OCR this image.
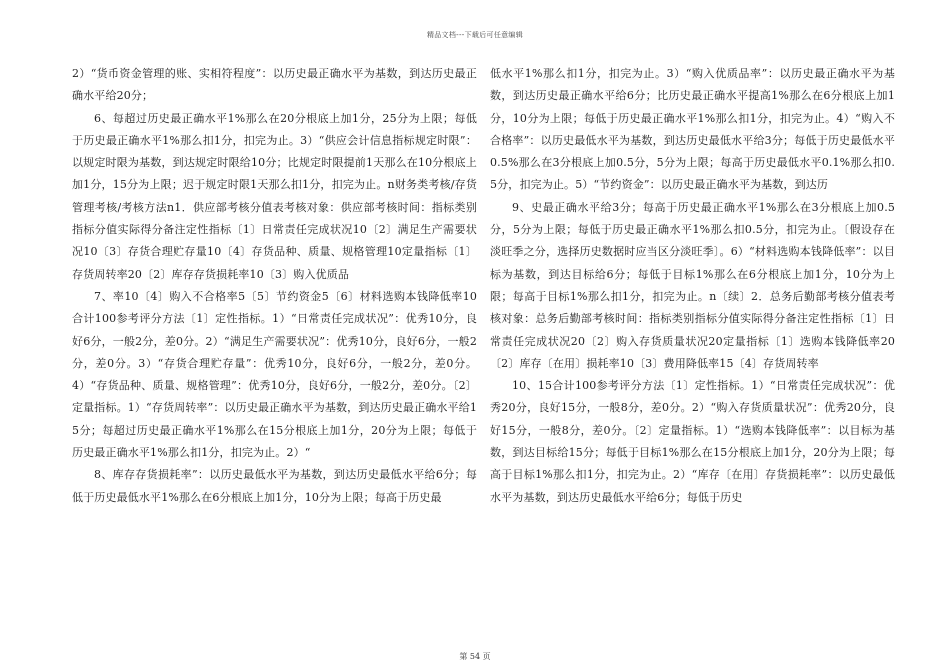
精品文档---下载后可任意编辑

2）“货币资金管理的账、实相符程度”：以历史最正确水平为基数，到达历史最正确水平给20分；

6、每超过历史最正确水平1%那么在20分根底上加1分，25分为上限；每低于历史最正确水平1%那么扣1分，扣完为止。3）“供应会计信息指标规定时限”：以规定时限为基数，到达规定时限给10分；比规定时限提前1天那么在10分根底上加1分，15分为上限；迟于规定时限1天那么扣1分，扣完为止。n财务类考核/存货管理考核/考核方法n1．供应部考核分值表考核对象：供应部考核时间：指标类别指标分值实际得分备注定性指标〔1〕日常责任完成状况10〔2〕满足生产需要状况10〔3〕存货合理贮存量10〔4〕存货品种、质量、规格管理10定量指标〔1〕存货周转率20〔2〕库存存货损耗率10〔3〕购入优质品

7、率10〔4〕购入不合格率5〔5〕节约资金5〔6〕材料选购本钱降低率10合计100参考评分方法〔1〕定性指标。1）“日常责任完成状况”：优秀10分，良好6分，一般2分，差0分。2）“满足生产需要状况”：优秀10分，良好6分，一般2分，差0分。3）“存货合理贮存量”：优秀10分，良好6分，一般2分，差0分。4）“存货品种、质量、规格管理”：优秀10分，良好6分，一般2分，差0分。〔2〕定量指标。1）“存货周转率”：以历史最正确水平为基数，到达历史最正确水平给15分；每超过历史最正确水平1%那么在15分根底上加1分，20分为上限；每低于历史最正确水平1%那么扣1分，扣完为止。2）“

8、库存存货损耗率”：以历史最低水平为基数，到达历史最低水平给6分；每低于历史最低水平1%那么在6分根底上加1分，10分为上限；每高于历史最

低水平1%那么扣1分，扣完为止。3）“购入优质品率”：以历史最正确水平为基数，到达历史最正确水平给6分；比历史最正确水平提高1%那么在6分根底上加1分，10分为上限；每低于历史最正确水平1%那么扣1分，扣完为止。4）“购入不合格率”：以历史最低水平为基数，到达历史最低水平给3分；每低于历史最低水平0.5%那么在3分根底上加0.5分，5分为上限；每高于历史最低水平0.1%那么扣0.5分，扣完为止。5）“节约资金”：以历史最正确水平为基数，到达历

9、史最正确水平给3分；每高于历史最正确水平1%那么在3分根底上加0.5分，5分为上限；每低于历史最正确水平1%那么扣0.5分，扣完为止。〔假设存在淡旺季之分，选择历史数据时应当区分淡旺季〕。6）“材料选购本钱降低率”：以目标为基数，到达目标给6分；每低于目标1%那么在6分根底上加1分，10分为上限；每高于目标1%那么扣1分，扣完为止。n〔续〕2．总务后勤部考核分值表考核对象：总务后勤部考核时间：指标类别指标分值实际得分备注定性指标〔1〕日常责任完成状况20〔2〕购入存货质量状况20定量指标〔1〕选购本钱降低率20〔2〕库存〔在用〕损耗率10〔3〕费用降低率15〔4〕存货周转率

10、15合计100参考评分方法〔1〕定性指标。1）“日常责任完成状况”：优秀20分，良好15分，一般8分，差0分。2）“购入存货质量状况”：优秀20分，良好15分，一般8分，差0分。〔2〕定量指标。1）“选购本钱降低率”：以目标为基数，到达目标给15分；每低于目标1%那么在15分根底上加1分，20分为上限；每高于目标1%那么扣1分，扣完为止。2）“库存〔在用〕存货损耗率”：以历史最低水平为基数，到达历史最低水平给6分；每低于历史

第 54 页
